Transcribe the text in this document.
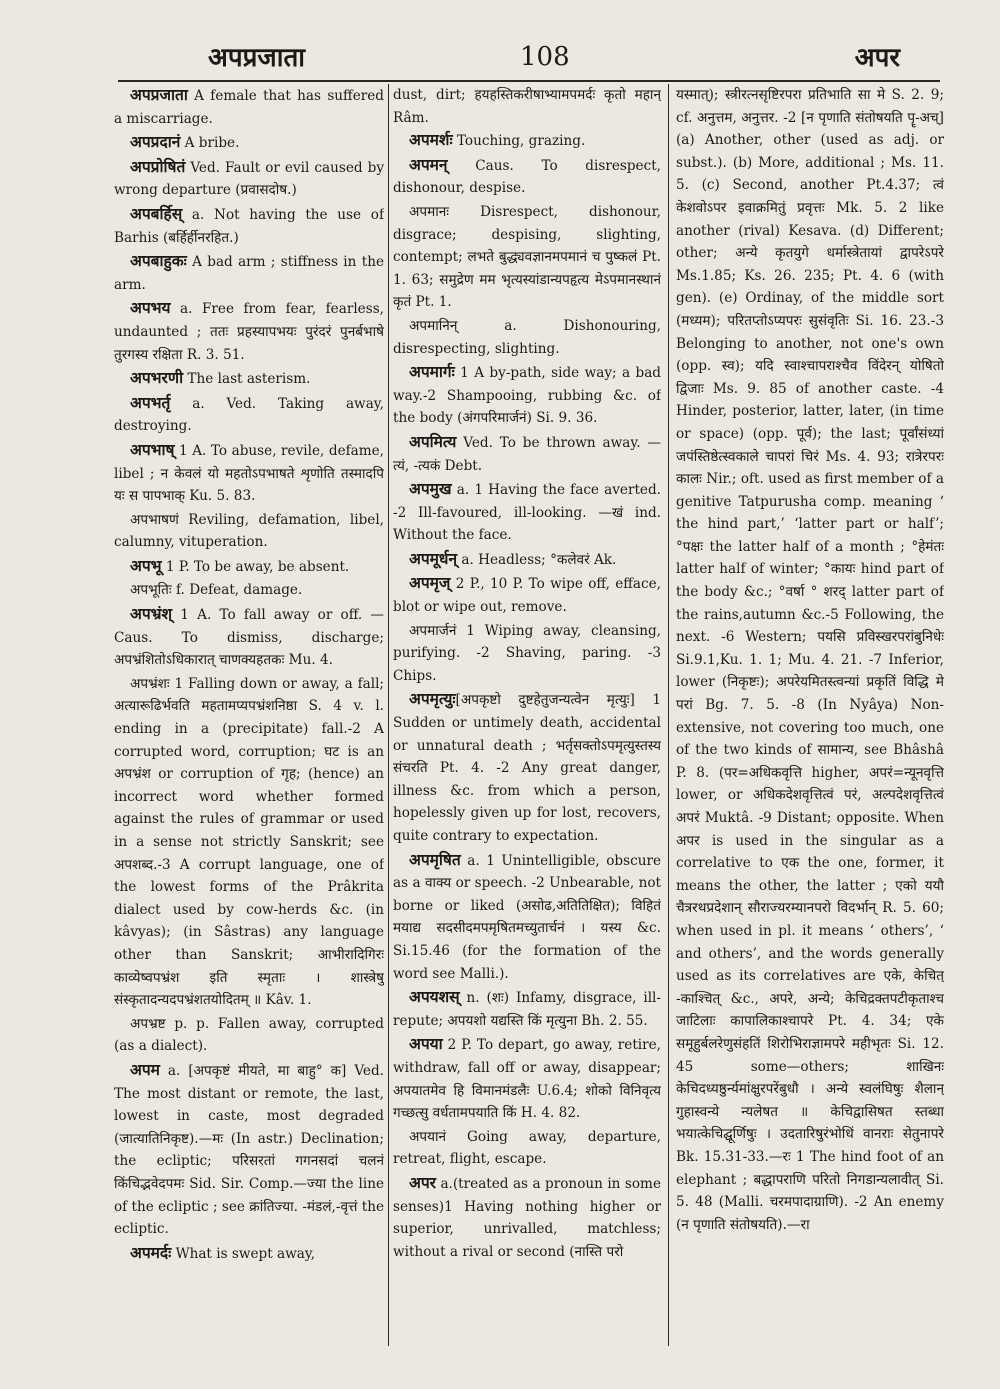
अपप्रजाता	108	अपर

अपप्रजाता A female that has suffered a miscarriage.

अपप्रदानं A bribe.

अपप्रोषितं Ved. Fault or evil caused by wrong departure (प्रवासदोष.)

अपबर्हिस् a. Not having the use of Barhis (बर्हिर्हीनरहित.)

अपबाहुकः A bad arm ; stiffness in the arm.

अपभय a. Free from fear, fearless, undaunted ; ततः प्रहस्यापभयः पुरंदरं पुनर्बभाषे तुरगस्य रक्षिता R. 3. 51.

अपभरणी The last asterism.

अपभर्तृ a. Ved. Taking away, destroying.

अपभाष् 1 A. To abuse, revile, defame, libel ; न केवलं यो महतोऽपभाषते शृणोति तस्मादपि यः स पापभाक् Ku. 5. 83.

अपभाषणं Reviling, defamation, libel, calumny, vituperation.

अपभू 1 P. To be away, be absent.

अपभूतिः f. Defeat, damage.

अपभ्रंश् 1 A. To fall away or off. —Caus. To dismiss, discharge; अपभ्रंशितोऽधिकारात् चाणक्यहतकः Mu. 4.

अपभ्रंशः 1 Falling down or away, a fall; अत्यारूढिर्भवति महतामप्यपभ्रंशनिष्ठा S. 4 v. l. ending in a (precipitate) fall.-2 A corrupted word, corruption; घट is an अपभ्रंश or corruption of गृह; (hence) an incorrect word whether formed against the rules of grammar or used in a sense not strictly Sanskrit; see अपशब्द.-3 A corrupt language, one of the lowest forms of the Prâkrita dialect used by cow-herds &c. (in kâvyas); (in Sâstras) any language other than Sanskrit; आभीरादिगिरः काव्येष्वपभ्रंश इति स्मृताः । शास्त्रेषु संस्कृतादन्यदपभ्रंशतयोदितम् ॥ Kâv. 1.

अपभ्रष्ट p. p. Fallen away, corrupted (as a dialect).

अपम a. [अपकृष्टं मीयते, मा बाहु° क] Ved. The most distant or remote, the last, lowest in caste, most degraded (जात्यातिनिकृष्ट).—मः (In astr.) Declination; the ecliptic; परिसरतां गगनसदां चलनं किंचिद्भवेदपमः Sid. Sir. Comp.—ज्या the line of the ecliptic ; see क्रांतिज्या. -मंडलं,-वृत्तं the ecliptic.

अपमर्दः What is swept away,

dust, dirt; हयहस्तिकरीषाभ्यामपमर्दः कृतो महान् Râm.

अपमर्शः Touching, grazing.

अपमन् Caus. To disrespect, dishonour, despise.

अपमानः Disrespect, dishonour, disgrace; despising, slighting, contempt; लभते बुद्ध्यवज्ञानमपमानं च पुष्कलं Pt. 1. 63; समुद्रेण मम भृत्यस्यांडान्यपहृत्य मेऽपमानस्थानं कृतं Pt. 1.

अपमानिन् a. Dishonouring, disrespecting, slighting.

अपमार्गः 1 A by-path, side way; a bad way.-2 Shampooing, rubbing &c. of the body (अंगपरिमार्जनं) Si. 9. 36.

अपमित्य Ved. To be thrown away. —त्यं, -त्यकं Debt.

अपमुख a. 1 Having the face averted. -2 Ill-favoured, ill-looking. —खं ind. Without the face.

अपमूर्धन् a. Headless; °कलेवरं Ak.

अपमृज् 2 P., 10 P. To wipe off, efface, blot or wipe out, remove.

अपमार्जनं 1 Wiping away, cleansing, purifying. -2 Shaving, paring. -3 Chips.

अपमृत्युः[अपकृष्टो दुष्टहेतुजन्यत्वेन मृत्युः] 1 Sudden or untimely death, accidental or unnatural death ; भर्तृसक्तोऽपमृत्युस्तस्य संचरति Pt. 4. -2 Any great danger, illness &c. from which a person, hopelessly given up for lost, recovers, quite contrary to expectation.

अपमृषित a. 1 Unintelligible, obscure as a वाक्य or speech. -2 Unbearable, not borne or liked (असोढ,अतितिक्षित); विहितं मयाद्य सदसीदमपमृषितमच्युतार्चनं । यस्य &c. Si.15.46 (for the formation of the word see Malli.).

अपयशस् n. (शः) Infamy, disgrace, ill-repute; अपयशो यद्यस्ति किं मृत्युना Bh. 2. 55.

अपया 2 P. To depart, go away, retire, withdraw, fall off or away, disappear; अपयातमेव हि विमानमंडलैः U.6.4; शोको विनिवृत्य गच्छत्सु वर्धतामपयाति किं H. 4. 82.

अपयानं Going away, departure, retreat, flight, escape.

अपर a.(treated as a pronoun in some senses)1 Having nothing higher or superior, unrivalled, matchless; without a rival or second (नास्ति परो

यस्मात्); स्त्रीरत्नसृष्टिरपरा प्रतिभाति सा मे S. 2. 9; cf. अनुत्तम, अनुत्तर. -2 [न पृणाति संतोषयति पॄ-अच्] (a) Another, other (used as adj. or subst.). (b) More, additional ; Ms. 11. 5. (c) Second, another Pt.4.37; त्वं केशवोऽपर इवाक्रमितुं प्रवृत्तः Mk. 5. 2 like another (rival) Kesava. (d) Different; other; अन्ये कृतयुगे धर्मास्त्रेतायां द्वापरेऽपरे Ms.1.85; Ks. 26. 235; Pt. 4. 6 (with gen). (e) Ordinay, of the middle sort (मध्यम); परितप्तोऽप्यपरः सुसंवृतिः Si. 16. 23.-3 Belonging to another, not one's own (opp. स्व); यदि स्वाश्चापराश्चैव विंदेरन् योषितो द्विजाः Ms. 9. 85 of another caste. -4 Hinder, posterior, latter, later, (in time or space) (opp. पूर्व); the last; पूर्वांसंध्यां जपंस्तिष्ठेत्स्वकाले चापरां चिरं Ms. 4. 93; रात्रेरपरः कालः Nir.; oft. used as first member of a genitive Tatpurusha comp. meaning ‘ the hind part,’ ‘latter part or half’; °पक्षः the latter half of a month ; °हेमंतः latter half of winter; °कायः hind part of the body &c.; °वर्षा ° शरद् latter part of the rains,autumn &c.-5 Following, the next. -6 Western; पयसि प्रविस्खरपरांबुनिधेः Si.9.1,Ku. 1. 1; Mu. 4. 21. -7 Inferior, lower (निकृष्टः); अपरेयमितस्त्वन्यां प्रकृतिं विद्धि मे परां Bg. 7. 5. -8 (In Nyâya) Non-extensive, not covering too much, one of the two kinds of सामान्य, see Bhâshâ P. 8. (पर=अधिकवृत्ति higher, अपरं=न्यूनवृत्ति lower, or अधिकदेशवृत्तित्वं परं, अल्पदेशवृत्तित्वं अपरं Muktâ. -9 Distant; opposite. When अपर is used in the singular as a correlative to एक the one, former, it means the other, the latter ; एको ययौ चैत्ररथप्रदेशान् सौराज्यरम्यानपरो विदर्भान् R. 5. 60; when used in pl. it means ‘ others’, ‘ and others’, and the words generally used as its correlatives are एके, केचित् -काश्चित् &c., अपरे, अन्ये; केचिद्रक्तपटीकृताश्च जाटिलाः कापालिकाश्चापरे Pt. 4. 34; एके समूहुर्बलरेणुसंहतिं शिरोभिराज्ञामपरे महीभृतः Si. 12. 45 some—others; शाखिनः केचिदध्यष्ठुर्न्यमांक्षुरपरेंबुधौ । अन्ये स्वलंघिषुः शैलान् गुहास्वन्ये न्यलेषत ॥ केचिद्वासिषत स्तब्धा भयात्केचिद्घूर्णिषुः । उदतारिषुरंभोधिं वानराः सेतुनापरे Bk. 15.31-33.—रः 1 The hind foot of an elephant ; बद्धापराणि परितो निगडान्यलावीत् Si. 5. 48 (Malli. चरमपादाग्राणि). -2 An enemy (न पृणाति संतोषयति).—रा
